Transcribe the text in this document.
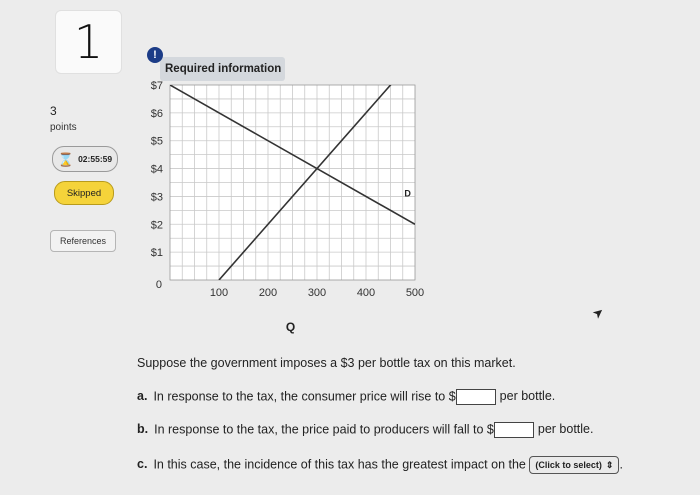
1
3
points
⌛ 02:55:59
Skipped
References
Required information
!
$1
$2
$3
$4
$5
$6
$7
0
100	200	300	400	500
Q
D
Suppose the government imposes a $3 per bottle tax on this market.
a. In response to the tax, the consumer price will rise to $	per bottle.
b. In response to the tax, the price paid to producers will fall to $	per bottle.
c. In this case, the incidence of this tax has the greatest impact on the (Click to select) ⇕ .
➤
